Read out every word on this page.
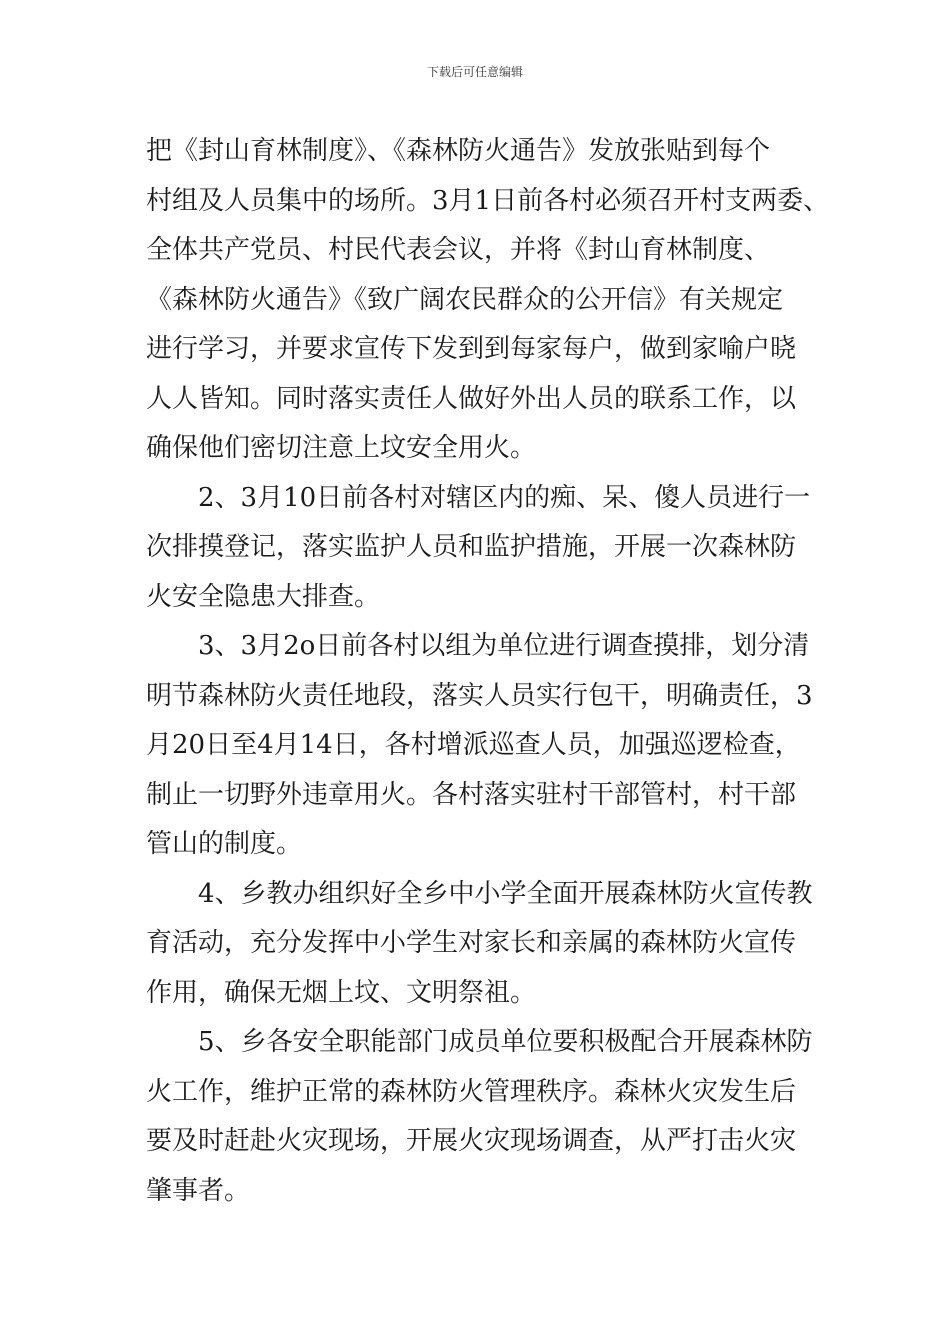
下载后可任意编辑
把《封山育林制度》、《森林防火通告》发放张贴到每个
村组及人员集中的场所。3月1日前各村必须召开村支两委、
全体共产党员、村民代表会议，并将《封山育林制度、
《森林防火通告》《致广阔农民群众的公开信》有关规定
进行学习，并要求宣传下发到到每家每户，做到家喻户晓
人人皆知。同时落实责任人做好外出人员的联系工作，以
确保他们密切注意上坟安全用火。
2、3月10日前各村对辖区内的痴、呆、傻人员进行一
次排摸登记，落实监护人员和监护措施，开展一次森林防
火安全隐患大排查。
3、3月2o日前各村以组为单位进行调查摸排，划分清
明节森林防火责任地段，落实人员实行包干，明确责任，3
月20日至4月14日，各村增派巡查人员，加强巡逻检查，
制止一切野外违章用火。各村落实驻村干部管村，村干部
管山的制度。
4、乡教办组织好全乡中小学全面开展森林防火宣传教
育活动，充分发挥中小学生对家长和亲属的森林防火宣传
作用，确保无烟上坟、文明祭祖。
5、乡各安全职能部门成员单位要积极配合开展森林防
火工作，维护正常的森林防火管理秩序。森林火灾发生后
要及时赶赴火灾现场，开展火灾现场调查，从严打击火灾
肇事者。
